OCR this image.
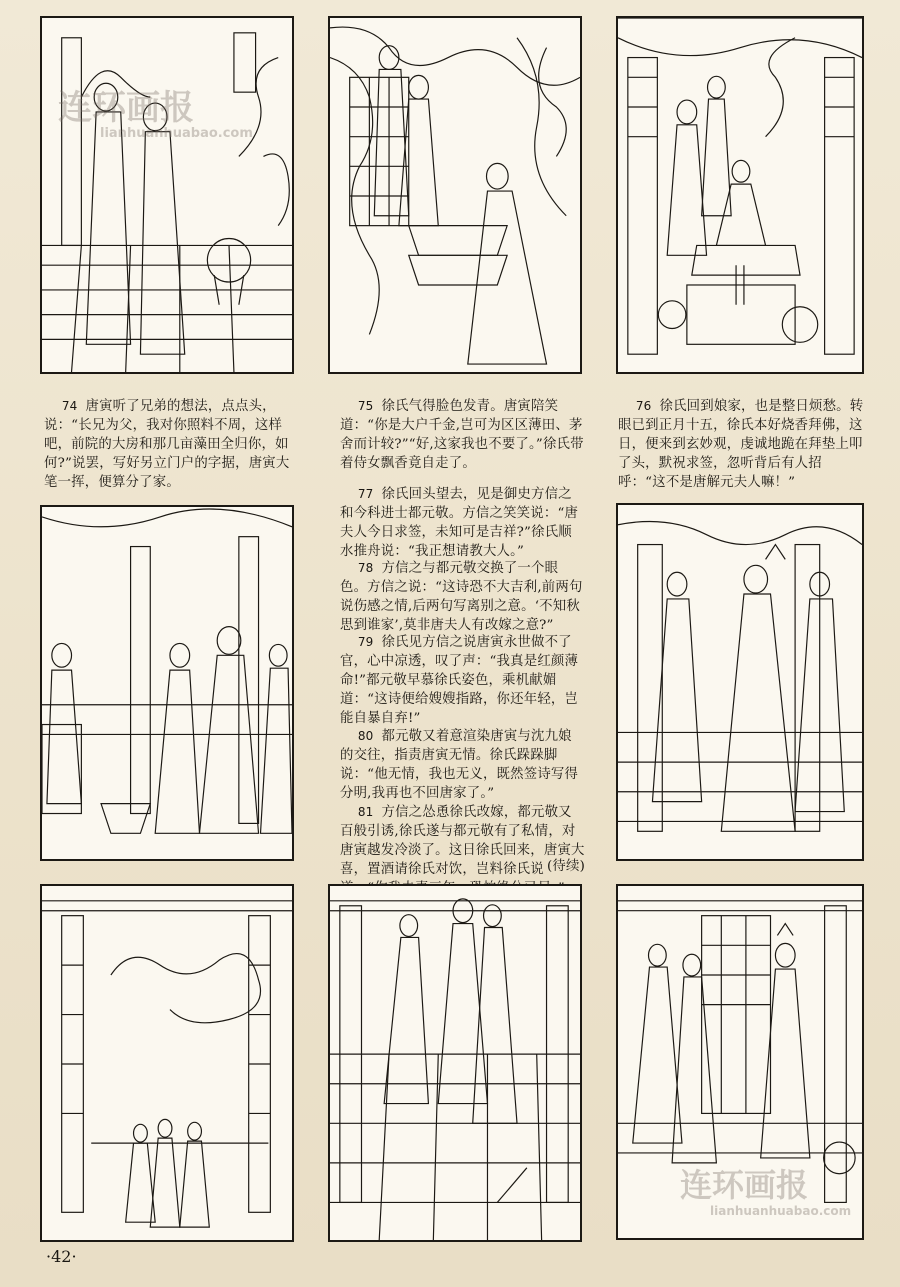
74 唐寅听了兄弟的想法，点点头，说：“长兄为父，我对你照料不周，这样吧，前院的大房和那几亩藻田全归你，如何?”说罢，写好另立门户的字据，唐寅大笔一挥，便算分了家。

75 徐氏气得脸色发青。唐寅陪笑道：“你是大户千金,岂可为区区薄田、茅舍而计较?”“好,这家我也不要了。”徐氏带着侍女飘香竟自走了。

76 徐氏回到娘家，也是整日烦愁。转眼已到正月十五，徐氏本好烧香拜佛，这日，便来到玄妙观，虔诚地跪在拜垫上叩了头，默祝求签，忽听背后有人招呼：“这不是唐解元夫人嘛！”

77 徐氏回头望去，见是御史方信之和今科进士都元敬。方信之笑笑说：“唐夫人今日求签，未知可是吉祥?”徐氏顺水推舟说：“我正想请教大人。”

78 方信之与都元敬交换了一个眼色。方信之说：“这诗恐不大吉利,前两句说伤感之情,后两句写离别之意。‘不知秋思到谁家’,莫非唐夫人有改嫁之意?”

79 徐氏见方信之说唐寅永世做不了官，心中凉透，叹了声：“我真是红颜薄命!”都元敬早慕徐氏姿色，乘机献媚道：“这诗便给嫂嫂指路，你还年轻，岂能自暴自弃!”

80 都元敬又着意渲染唐寅与沈九娘的交往，指责唐寅无情。徐氏跺跺脚说：“他无情，我也无义，既然签诗写得分明,我再也不回唐家了。”

81 方信之怂恿徐氏改嫁，都元敬又百般引诱,徐氏遂与都元敬有了私情，对唐寅越发冷淡了。这日徐氏回来，唐寅大喜，置酒请徐氏对饮，岂料徐氏说
(待续)

连环画报
lianhuanhuabao.com
连环画报
lianhuanhuabao.com
·42·
